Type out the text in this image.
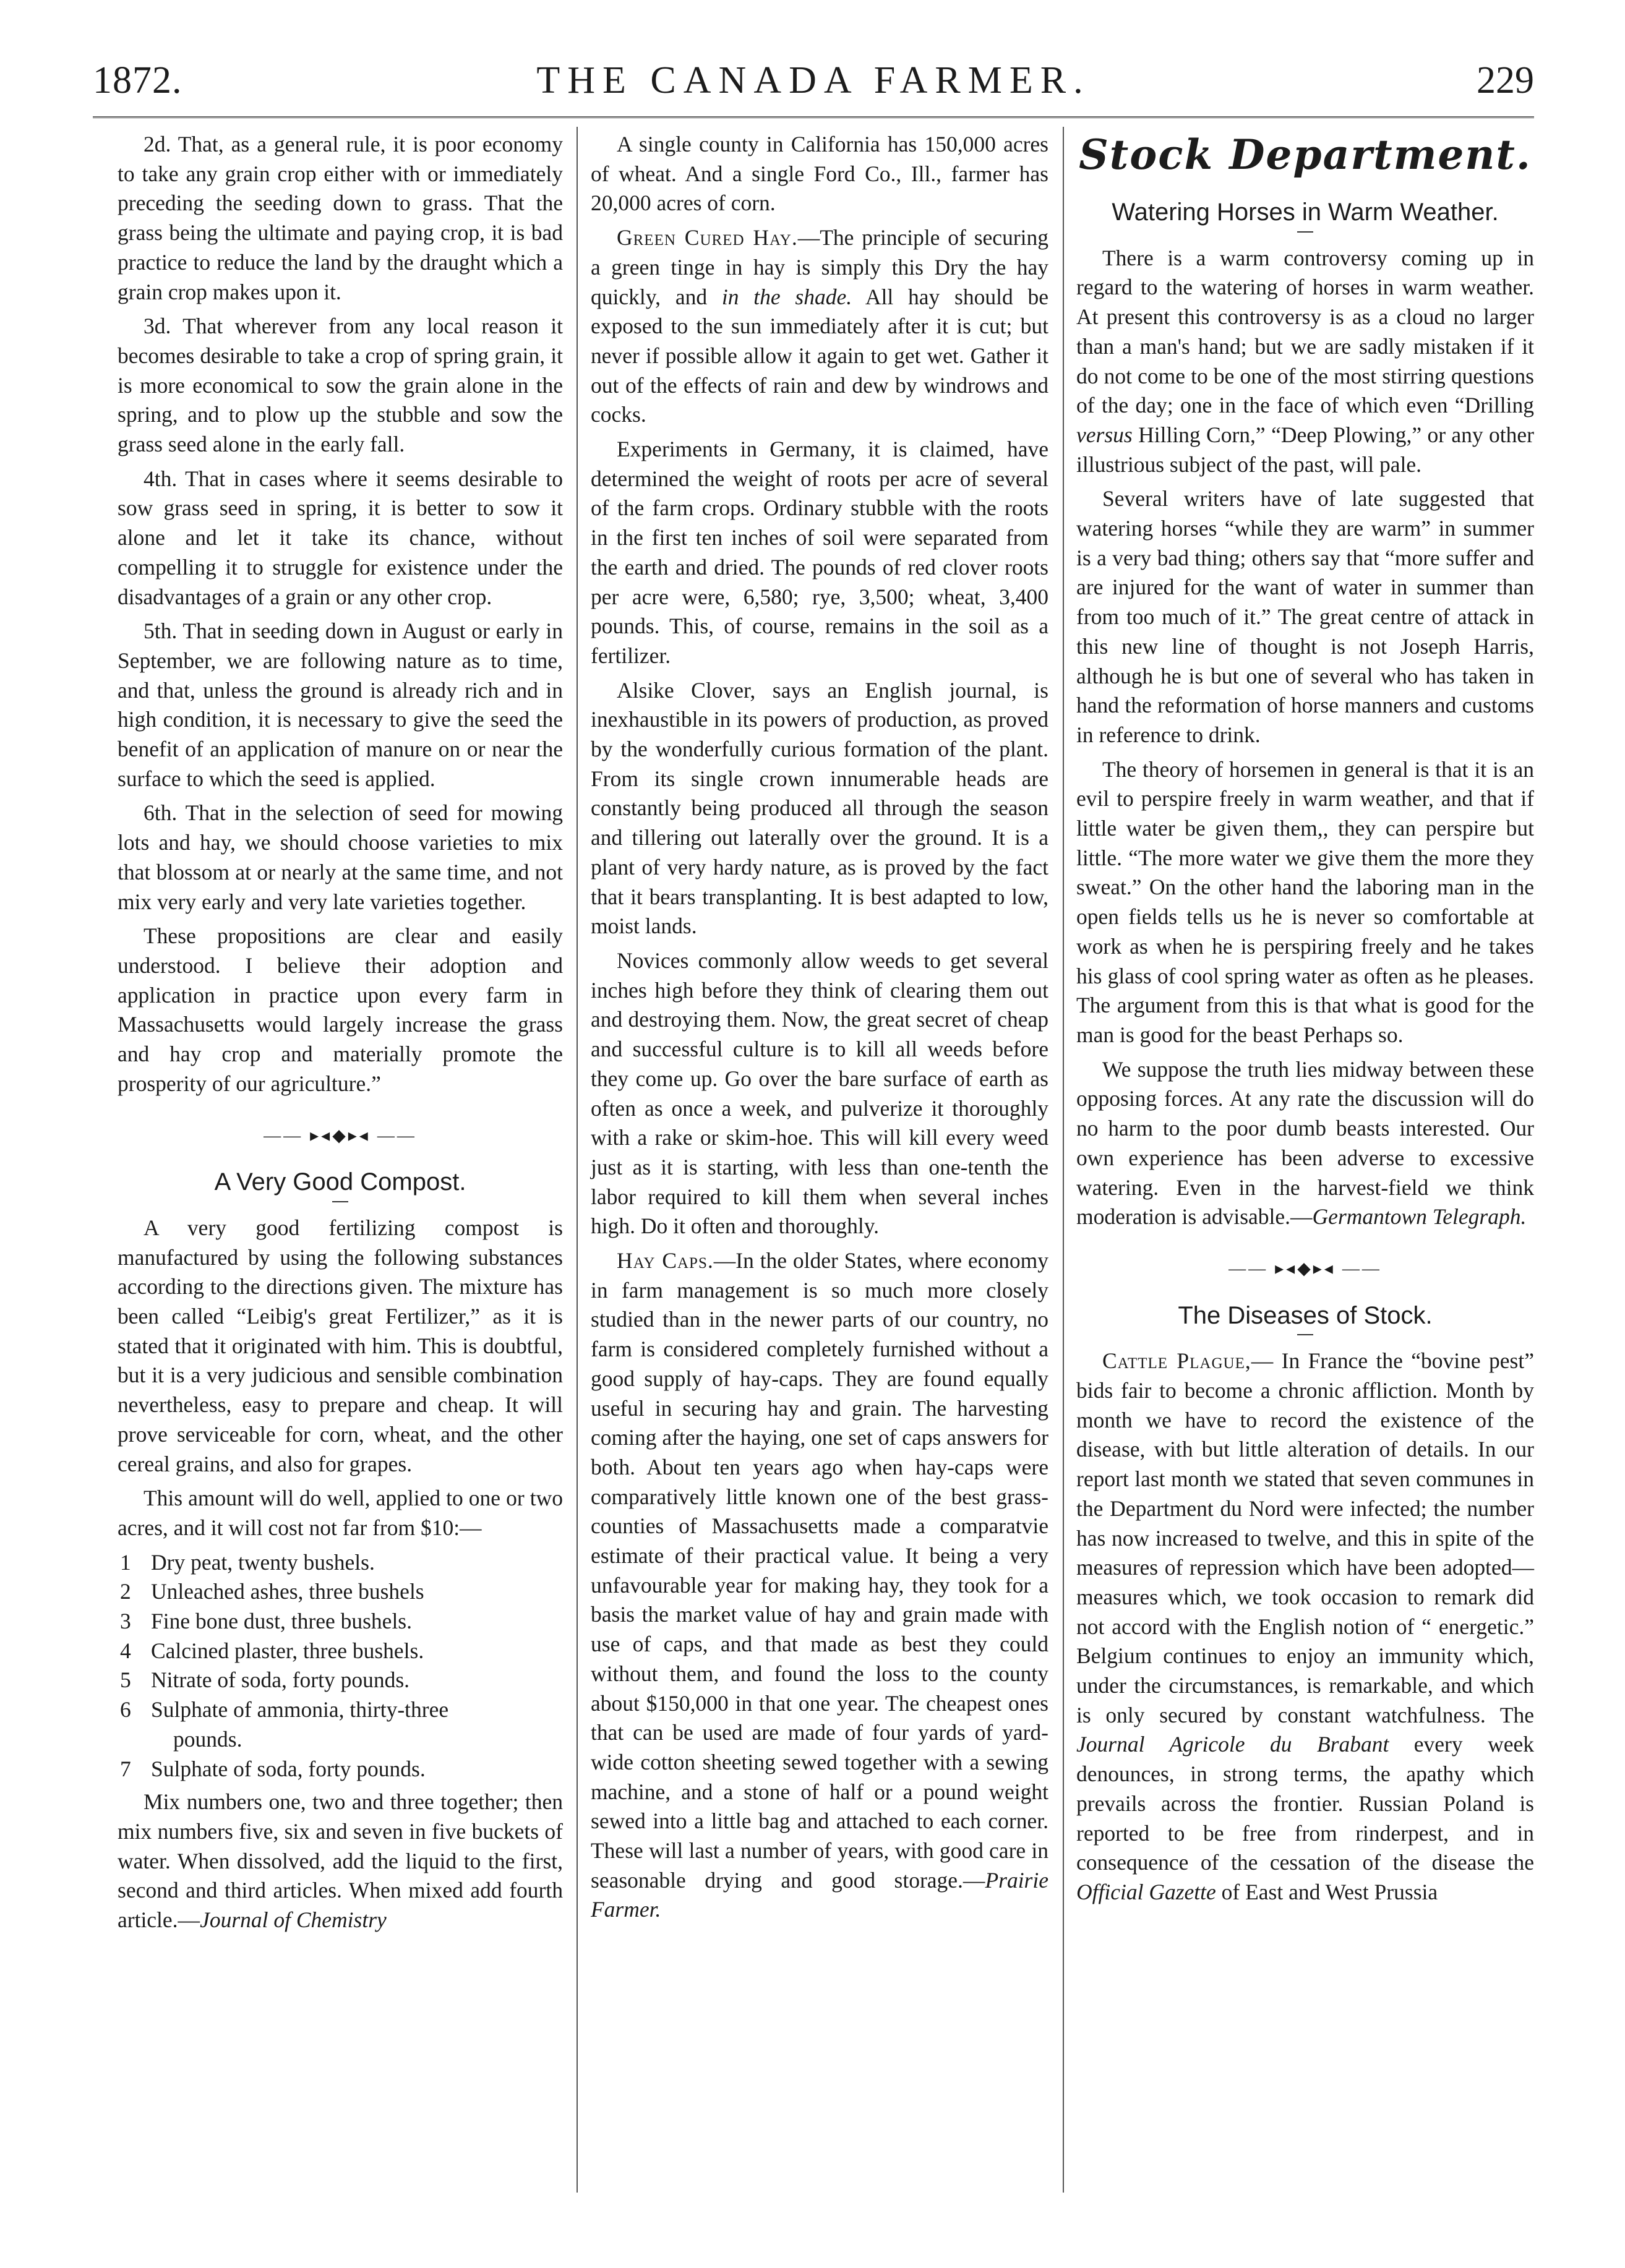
1872.	THE CANADA FARMER.	229

2d. That, as a general rule, it is poor economy to take any grain crop either with or immediately preceding the seeding down to grass. That the grass being the ultimate and paying crop, it is bad practice to reduce the land by the draught which a grain crop makes upon it.

3d. That wherever from any local reason it becomes desirable to take a crop of spring grain, it is more economical to sow the grain alone in the spring, and to plow up the stubble and sow the grass seed alone in the early fall.

4th. That in cases where it seems desirable to sow grass seed in spring, it is better to sow it alone and let it take its chance, without compelling it to struggle for existence under the disadvantages of a grain or any other crop.

5th. That in seeding down in August or early in September, we are following nature as to time, and that, unless the ground is already rich and in high condition, it is necessary to give the seed the benefit of an application of manure on or near the surface to which the seed is applied.

6th. That in the selection of seed for mowing lots and hay, we should choose varieties to mix that blossom at or nearly at the same time, and not mix very early and very late varieties together.

These propositions are clear and easily understood. I believe their adoption and application in practice upon every farm in Massachusetts would largely increase the grass and hay crop and materially promote the prosperity of our agriculture.”

—— ▸◂◆▸◂ ——
A Very Good Compost.

A very good fertilizing compost is manufactured by using the following substances according to the directions given. The mixture has been called “Leibig's great Fertilizer,” as it is stated that it originated with him. This is doubtful, but it is a very judicious and sensible combination nevertheless, easy to prepare and cheap. It will prove serviceable for corn, wheat, and the other cereal grains, and also for grapes.

This amount will do well, applied to one or two acres, and it will cost not far from $10:—

1 Dry peat, twenty bushels.
2 Unleached ashes, three bushels
3 Fine bone dust, three bushels.
4 Calcined plaster, three bushels.
5 Nitrate of soda, forty pounds.
6 Sulphate of ammonia, thirty-three
pounds.
7 Sulphate of soda, forty pounds.

Mix numbers one, two and three together; then mix numbers five, six and seven in five buckets of water. When dissolved, add the liquid to the first, second and third articles. When mixed add fourth article.—Journal of Chemistry

A single county in California has 150,000 acres of wheat. And a single Ford Co., Ill., farmer has 20,000 acres of corn.

Green Cured Hay.—The principle of securing a green tinge in hay is simply this Dry the hay quickly, and in the shade. All hay should be exposed to the sun immediately after it is cut; but never if possible allow it again to get wet. Gather it out of the effects of rain and dew by windrows and cocks.

Experiments in Germany, it is claimed, have determined the weight of roots per acre of several of the farm crops. Ordinary stubble with the roots in the first ten inches of soil were separated from the earth and dried. The pounds of red clover roots per acre were, 6,580; rye, 3,500; wheat, 3,400 pounds. This, of course, remains in the soil as a fertilizer.

Alsike Clover, says an English journal, is inexhaustible in its powers of production, as proved by the wonderfully curious formation of the plant. From its single crown innumerable heads are constantly being produced all through the season and tillering out laterally over the ground. It is a plant of very hardy nature, as is proved by the fact that it bears transplanting. It is best adapted to low, moist lands.

Novices commonly allow weeds to get several inches high before they think of clearing them out and destroying them. Now, the great secret of cheap and successful culture is to kill all weeds before they come up. Go over the bare surface of earth as often as once a week, and pulverize it thoroughly with a rake or skim-hoe. This will kill every weed just as it is starting, with less than one-tenth the labor required to kill them when several inches high. Do it often and thoroughly.

Hay Caps.—In the older States, where economy in farm management is so much more closely studied than in the newer parts of our country, no farm is considered completely furnished without a good supply of hay-caps. They are found equally useful in securing hay and grain. The harvesting coming after the haying, one set of caps answers for both. About ten years ago when hay-caps were comparatively little known one of the best grass-counties of Massachusetts made a comparatvie estimate of their practical value. It being a very unfavourable year for making hay, they took for a basis the market value of hay and grain made with use of caps, and that made as best they could without them, and found the loss to the county about $150,000 in that one year. The cheapest ones that can be used are made of four yards of yard-wide cotton sheeting sewed together with a sewing machine, and a stone of half or a pound weight sewed into a little bag and attached to each corner. These will last a number of years, with good care in seasonable drying and good storage.—Prairie Farmer.

Stock Department.
Watering Horses in Warm Weather.

There is a warm controversy coming up in regard to the watering of horses in warm weather. At present this controversy is as a cloud no larger than a man's hand; but we are sadly mistaken if it do not come to be one of the most stirring questions of the day; one in the face of which even “Drilling versus Hilling Corn,” “Deep Plowing,” or any other illustrious subject of the past, will pale.

Several writers have of late suggested that watering horses “while they are warm” in summer is a very bad thing; others say that “more suffer and are injured for the want of water in summer than from too much of it.” The great centre of attack in this new line of thought is not Joseph Harris, although he is but one of several who has taken in hand the reformation of horse manners and customs in reference to drink.

The theory of horsemen in general is that it is an evil to perspire freely in warm weather, and that if little water be given them,, they can perspire but little. “The more water we give them the more they sweat.” On the other hand the laboring man in the open fields tells us he is never so comfortable at work as when he is perspiring freely and he takes his glass of cool spring water as often as he pleases. The argument from this is that what is good for the man is good for the beast Perhaps so.

We suppose the truth lies midway between these opposing forces. At any rate the discussion will do no harm to the poor dumb beasts interested. Our own experience has been adverse to excessive watering. Even in the harvest-field we think moderation is advisable.—Germantown Telegraph.

—— ▸◂◆▸◂ ——
The Diseases of Stock.

Cattle Plague,— In France the “bovine pest” bids fair to become a chronic affliction. Month by month we have to record the existence of the disease, with but little alteration of details. In our report last month we stated that seven communes in the Department du Nord were infected; the number has now increased to twelve, and this in spite of the measures of repression which have been adopted—measures which, we took occasion to remark did not accord with the English notion of “ energetic.” Belgium continues to enjoy an immunity which, under the circumstances, is remarkable, and which is only secured by constant watchfulness. The Journal Agricole du Brabant every week denounces, in strong terms, the apathy which prevails across the frontier. Russian Poland is reported to be free from rinderpest, and in consequence of the cessation of the disease the Official Gazette of East and West Prussia
